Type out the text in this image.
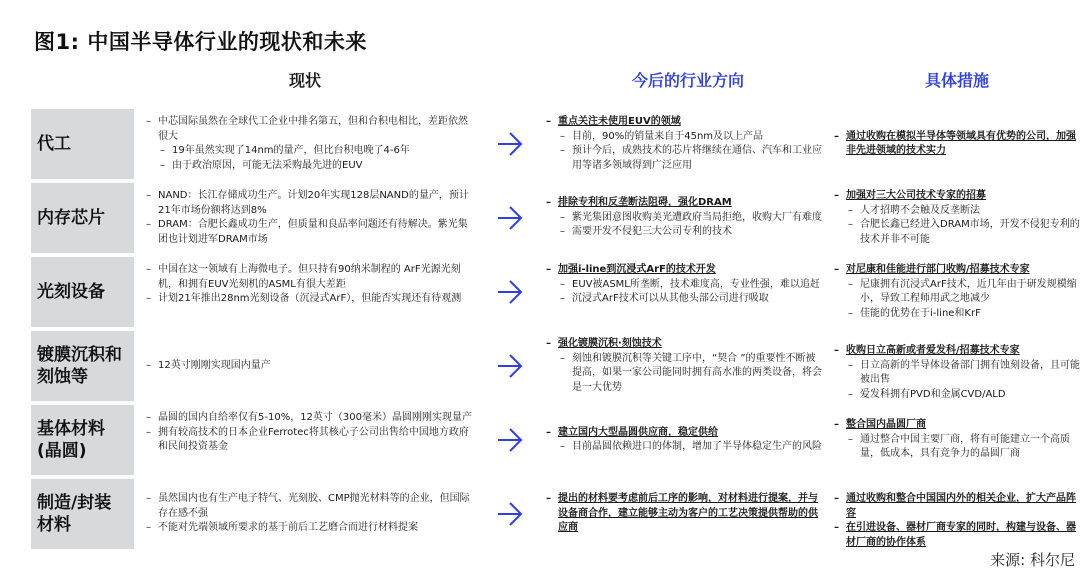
图1: 中国半导体行业的现状和未来
现状	今后的行业方向	具体措施
代工
– 中芯国际虽然在全球代工企业中排名第五，但和台积电相比，差距依然很大
– 19年虽然实现了14nm的量产，但比台积电晚了4-6年
– 由于政治原因，可能无法采购最先进的EUV
– 重点关注未使用EUV的领域
– 目前，90%的销量来自于45nm及以上产品
– 预计今后，成熟技术的芯片将继续在通信、汽车和工业应用等诸多领域得到广泛应用
– 通过收购在模拟半导体等领域具有优势的公司，加强非先进领域的技术实力
内存芯片
– NAND：长江存储成功生产。计划20年实现128层NAND的量产，预计21年市场份额将达到8%
– DRAM：合肥长鑫成功生产，但质量和良品率问题还有待解决。紫光集团也计划进军DRAM市场
– 排除专利和反垄断法阻碍，强化DRAM
– 紫光集团意图收购美光遭政府当局拒绝，收购大厂有难度
– 需要开发不侵犯三大公司专利的技术
– 加强对三大公司技术专家的招募
– 人才招聘不会触及反垄断法
– 合肥长鑫已经进入DRAM市场，开发不侵犯专利的技术并非不可能
光刻设备
– 中国在这一领域有上海微电子。但只持有90纳米制程的 ArF光源光刻机，和拥有EUV光刻机的ASML有很大差距
– 计划21年推出28nm光刻设备（沉浸式ArF），但能否实现还有待观测
– 加强i-line到沉浸式ArF的技术开发
– EUV被ASML所垄断，技术难度高，专业性强，难以追赶
– 沉浸式ArF技术可以从其他头部公司进行吸取
– 对尼康和佳能进行部门收购/招募技术专家
– 尼康拥有沉浸式ArF技术，近几年由于研发规模缩小，导致工程师用武之地减少
– 佳能的优势在于i-line和KrF
镀膜沉积和刻蚀等
– 12英寸刚刚实现国内量产
– 强化镀膜沉积·刻蚀技术
– 刻蚀和镀膜沉积等关键工序中，“契合 ”的重要性不断被提高，如果一家公司能同时拥有高水准的两类设备，将会是一大优势
– 收购日立高新或者爱发科/招募技术专家
– 日立高新的半导体设备部门拥有蚀刻设备，且可能被出售
– 爱发科拥有PVD和金属CVD/ALD
基体材料(晶圆)
– 晶圆的国内自给率仅有5-10%，12英寸（300毫米）晶圆刚刚实现量产
– 拥有较高技术的日本企业Ferrotec将其核心子公司出售给中国地方政府和民间投资基金
– 建立国内大型晶圆供应商，稳定供给
– 目前晶圆依赖进口的体制，增加了半导体稳定生产的风险
– 整合国内晶圆厂商
– 通过整合中国主要厂商，将有可能建立一个高质量，低成本，具有竞争力的晶圆厂商
制造/封装材料
– 虽然国内也有生产电子特气、光刻胶、CMP抛光材料等的企业，但国际存在感不强
– 不能对先端领域所要求的基于前后工艺磨合而进行材料提案
– 提出的材料要考虑前后工序的影响，对材料进行提案，并与设备商合作，建立能够主动为客户的工艺决策提供帮助的供应商
– 通过收购和整合中国国内外的相关企业，扩大产品阵容
– 在引进设备、器材厂商专家的同时，构建与设备、器材厂商的协作体系
来源: 科尔尼
